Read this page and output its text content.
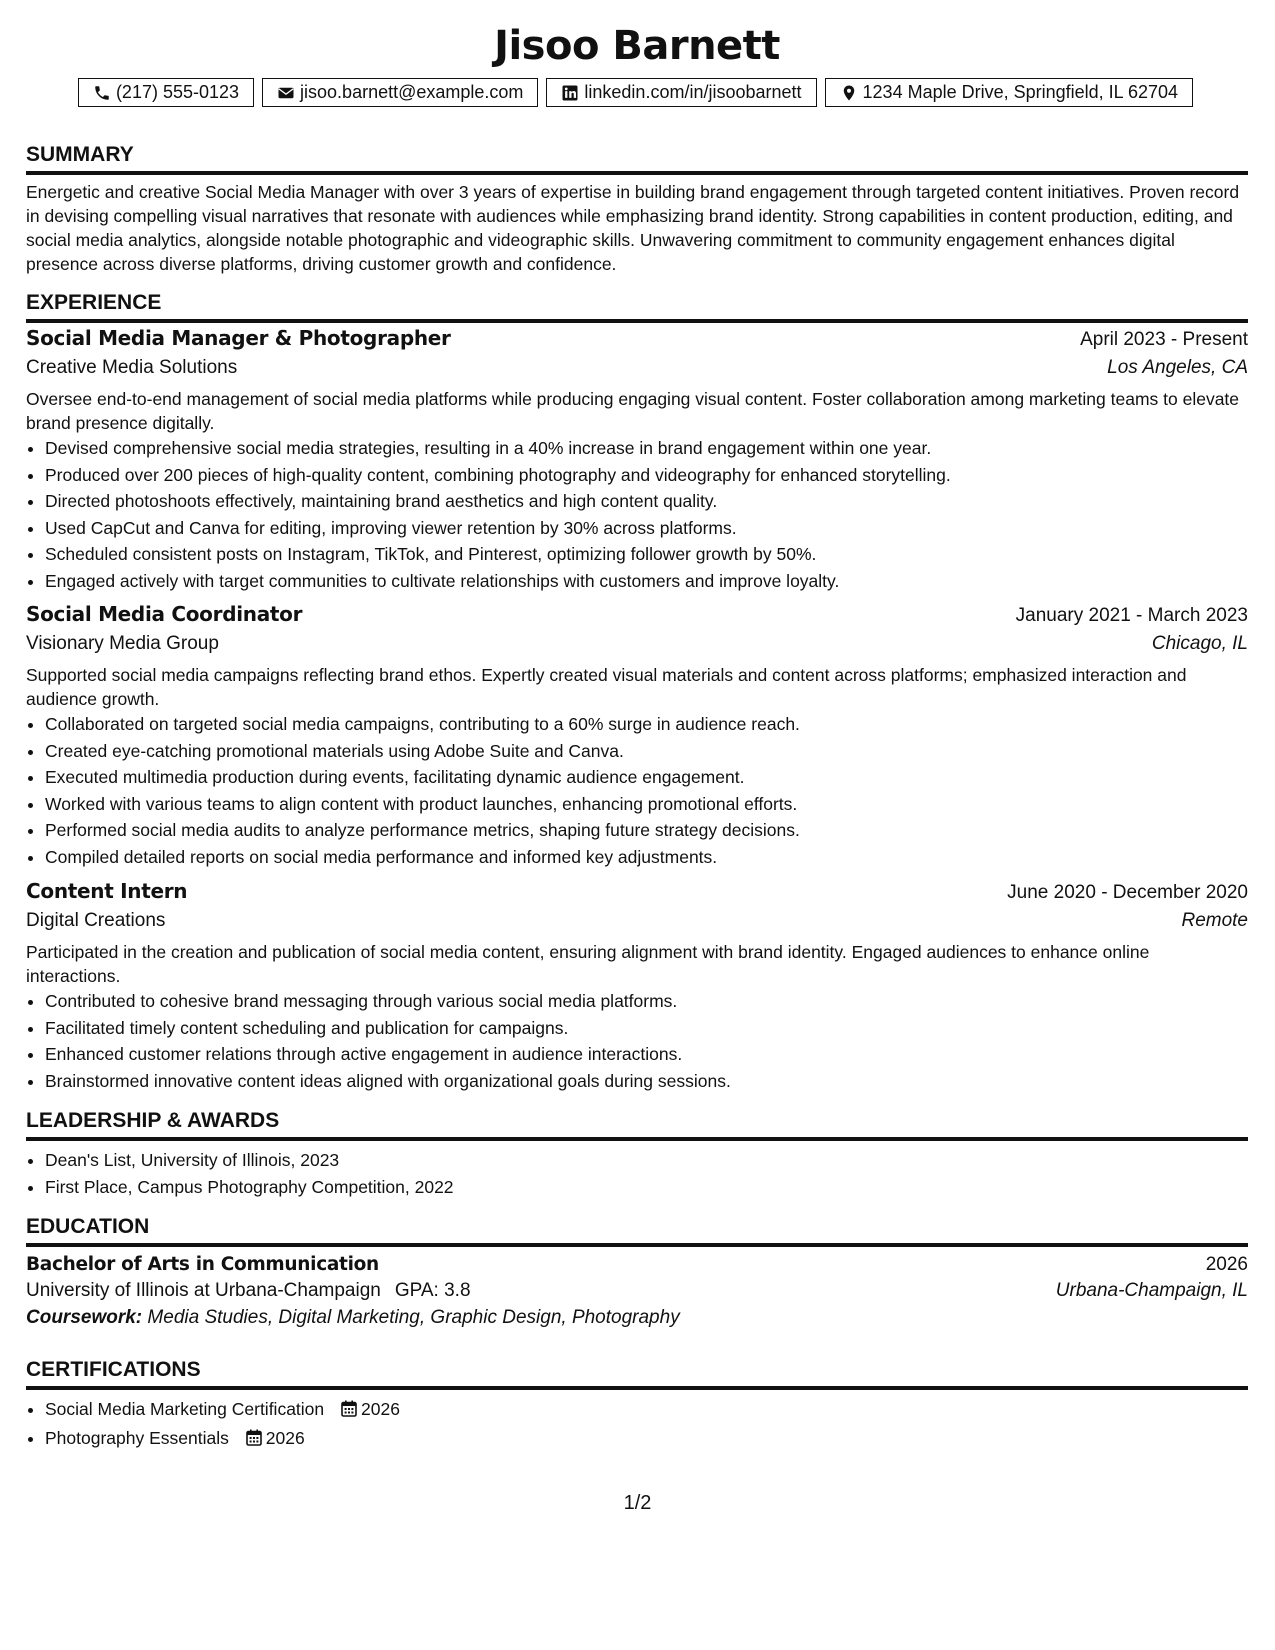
Jisoo Barnett
(217) 555-0123	jisoo.barnett@example.com	linkedin.com/in/jisoobarnett	1234 Maple Drive, Springfield, IL 62704
SUMMARY
Energetic and creative Social Media Manager with over 3 years of expertise in building brand engagement through targeted content initiatives. Proven record in devising compelling visual narratives that resonate with audiences while emphasizing brand identity. Strong capabilities in content production, editing, and social media analytics, alongside notable photographic and videographic skills. Unwavering commitment to community engagement enhances digital presence across diverse platforms, driving customer growth and confidence.
EXPERIENCE
Social Media Manager & Photographer	April 2023 - Present
Creative Media Solutions	Los Angeles, CA
Oversee end-to-end management of social media platforms while producing engaging visual content. Foster collaboration among marketing teams to elevate brand presence digitally.
• Devised comprehensive social media strategies, resulting in a 40% increase in brand engagement within one year.
• Produced over 200 pieces of high-quality content, combining photography and videography for enhanced storytelling.
• Directed photoshoots effectively, maintaining brand aesthetics and high content quality.
• Used CapCut and Canva for editing, improving viewer retention by 30% across platforms.
• Scheduled consistent posts on Instagram, TikTok, and Pinterest, optimizing follower growth by 50%.
• Engaged actively with target communities to cultivate relationships with customers and improve loyalty.
Social Media Coordinator	January 2021 - March 2023
Visionary Media Group	Chicago, IL
Supported social media campaigns reflecting brand ethos. Expertly created visual materials and content across platforms; emphasized interaction and audience growth.
• Collaborated on targeted social media campaigns, contributing to a 60% surge in audience reach.
• Created eye-catching promotional materials using Adobe Suite and Canva.
• Executed multimedia production during events, facilitating dynamic audience engagement.
• Worked with various teams to align content with product launches, enhancing promotional efforts.
• Performed social media audits to analyze performance metrics, shaping future strategy decisions.
• Compiled detailed reports on social media performance and informed key adjustments.
Content Intern	June 2020 - December 2020
Digital Creations	Remote
Participated in the creation and publication of social media content, ensuring alignment with brand identity. Engaged audiences to enhance online interactions.
• Contributed to cohesive brand messaging through various social media platforms.
• Facilitated timely content scheduling and publication for campaigns.
• Enhanced customer relations through active engagement in audience interactions.
• Brainstormed innovative content ideas aligned with organizational goals during sessions.
LEADERSHIP & AWARDS
• Dean's List, University of Illinois, 2023
• First Place, Campus Photography Competition, 2022
EDUCATION
Bachelor of Arts in Communication	2026
University of Illinois at Urbana-Champaign GPA: 3.8	Urbana-Champaign, IL
Coursework: Media Studies, Digital Marketing, Graphic Design, Photography
CERTIFICATIONS
• Social Media Marketing Certification 2026
• Photography Essentials 2026
1/2
